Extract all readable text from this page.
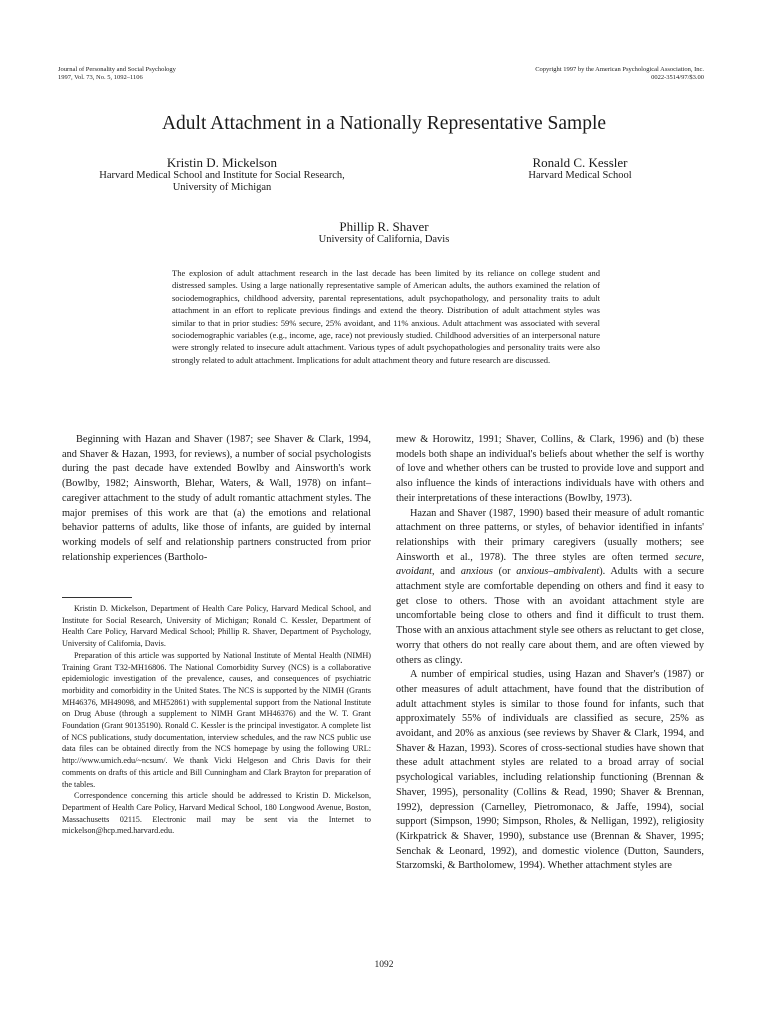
Journal of Personality and Social Psychology
1997, Vol. 73, No. 5, 1092–1106
Copyright 1997 by the American Psychological Association, Inc.
0022-3514/97/$3.00
Adult Attachment in a Nationally Representative Sample
Kristin D. Mickelson
Harvard Medical School and Institute for Social Research,
University of Michigan
Ronald C. Kessler
Harvard Medical School
Phillip R. Shaver
University of California, Davis

The explosion of adult attachment research in the last decade has been limited by its reliance on college student and distressed samples. Using a large nationally representative sample of American adults, the authors examined the relation of sociodemographics, childhood adversity, parental representations, adult psychopathology, and personality traits to adult attachment in an effort to replicate previous findings and extend the theory. Distribution of adult attachment styles was similar to that in prior studies: 59% secure, 25% avoidant, and 11% anxious. Adult attachment was associated with several sociodemographic variables (e.g., income, age, race) not previously studied. Childhood adversities of an interpersonal nature were strongly related to insecure adult attachment. Various types of adult psychopathologies and personality traits were also strongly related to adult attachment. Implications for adult attachment theory and future research are discussed.

Beginning with Hazan and Shaver (1987; see Shaver & Clark, 1994, and Shaver & Hazan, 1993, for reviews), a number of social psychologists during the past decade have extended Bowlby and Ainsworth's work (Bowlby, 1982; Ainsworth, Blehar, Waters, & Wall, 1978) on infant–caregiver attachment to the study of adult romantic attachment styles. The major premises of this work are that (a) the emotions and relational behavior patterns of adults, like those of infants, are guided by internal working models of self and relationship partners constructed from prior relationship experiences (Bartholo-

Kristin D. Mickelson, Department of Health Care Policy, Harvard Medical School, and Institute for Social Research, University of Michigan; Ronald C. Kessler, Department of Health Care Policy, Harvard Medical School; Phillip R. Shaver, Department of Psychology, University of California, Davis.

Preparation of this article was supported by National Institute of Mental Health (NIMH) Training Grant T32-MH16806. The National Comorbidity Survey (NCS) is a collaborative epidemiologic investigation of the prevalence, causes, and consequences of psychiatric morbidity and comorbidity in the United States. The NCS is supported by the NIMH (Grants MH46376, MH49098, and MH52861) with supplemental support from the National Institute on Drug Abuse (through a supplement to NIMH Grant MH46376) and the W. T. Grant Foundation (Grant 90135190). Ronald C. Kessler is the principal investigator. A complete list of NCS publications, study documentation, interview schedules, and the raw NCS public use data files can be obtained directly from the NCS homepage by using the following URL: http://www.umich.edu/~ncsum/. We thank Vicki Helgeson and Chris Davis for their comments on drafts of this article and Bill Cunningham and Clark Brayton for preparation of the tables.

Correspondence concerning this article should be addressed to Kristin D. Mickelson, Department of Health Care Policy, Harvard Medical School, 180 Longwood Avenue, Boston, Massachusetts 02115. Electronic mail may be sent via the Internet to mickelson@hcp.med.harvard.edu.

mew & Horowitz, 1991; Shaver, Collins, & Clark, 1996) and (b) these models both shape an individual's beliefs about whether the self is worthy of love and whether others can be trusted to provide love and support and also influence the kinds of interactions individuals have with others and their interpretations of these interactions (Bowlby, 1973).

Hazan and Shaver (1987, 1990) based their measure of adult romantic attachment on three patterns, or styles, of behavior identified in infants' relationships with their primary caregivers (usually mothers; see Ainsworth et al., 1978). The three styles are often termed secure, avoidant, and anxious (or anxious–ambivalent). Adults with a secure attachment style are comfortable depending on others and find it easy to get close to others. Those with an avoidant attachment style are uncomfortable being close to others and find it difficult to trust them. Those with an anxious attachment style see others as reluctant to get close, worry that others do not really care about them, and are often viewed by others as clingy.

A number of empirical studies, using Hazan and Shaver's (1987) or other measures of adult attachment, have found that the distribution of adult attachment styles is similar to those found for infants, such that approximately 55% of individuals are classified as secure, 25% as avoidant, and 20% as anxious (see reviews by Shaver & Clark, 1994, and Shaver & Hazan, 1993). Scores of cross-sectional studies have shown that these adult attachment styles are related to a broad array of social psychological variables, including relationship functioning (Brennan & Shaver, 1995), personality (Collins & Read, 1990; Shaver & Brennan, 1992), depression (Carnelley, Pietromonaco, & Jaffe, 1994), social support (Simpson, 1990; Simpson, Rholes, & Nelligan, 1992), religiosity (Kirkpatrick & Shaver, 1990), substance use (Brennan & Shaver, 1995; Senchak & Leonard, 1992), and domestic violence (Dutton, Saunders, Starzomski, & Bartholomew, 1994). Whether attachment styles are

1092
